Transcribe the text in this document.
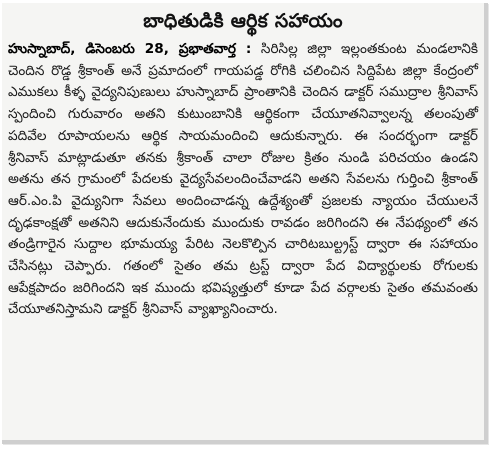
బాధితుడికి ఆర్థిక సహాయం
హుస్నాబాద్, డిసెంబరు 28, ప్రభాతవార్త : సిరిసిల్ల జిల్లా ఇల్లంతకుంట మండలానికి చెందిన రొడ్డ శ్రీకాంత్ అనే ప్రమాదంలో గాయపడ్డ రోగికి చలించిన సిద్దిపేట జిల్లా కేంద్రంలో ఎముకలు కీళ్ళ వైద్యనిపుణులు హుస్నాబాద్ ప్రాంతానికి చెందిన డాక్టర్ సముద్రాల శ్రీనివాస్ స్పందించి గురువారం అతని కుటుంబానికి ఆర్థికంగా చేయూతనివ్వాలన్న తలంపుతో పదివేల రూపాయలను ఆర్థిక సాయమందించి ఆదుకున్నారు. ఈ సందర్భంగా డాక్టర్ శ్రీనివాస్ మాట్లాడుతూ తనకు శ్రీకాంత్ చాలా రోజుల క్రితం నుండి పరిచయం ఉండని అతను తన గ్రామంలో పేదలకు వైద్యసేవలందించేవాడని అతని సేవలను గుర్తించి శ్రీకాంత్ ఆర్.ఎం.పి వైద్యునిగా సేవలు అందించాడన్న ఉద్దేశ్యంతో ప్రజలకు న్యాయం చేయులనే దృఢకాంక్షతో అతనిని ఆదుకునేందుకు ముందుకు రావడం జరిగిందని ఈ నేపథ్యంలో తన తండ్రిగారైన సుద్దాల భూమయ్య పేరిట నెలకొల్పిన చారిటబుల్ట్రస్ట్ ద్వారా ఈ సహాయం చేసినట్లు చెప్పారు. గతంలో సైతం తమ ట్రస్ట్ ద్వారా పేద విద్యార్థులకు రోగులకు ఆపేక్షపాదం జరిగిందని ఇక ముందు భవిష్యత్తులో కూడా పేద వర్గాలకు సైతం తమవంతు చేయూతనిస్తామని డాక్టర్ శ్రీనివాస్ వ్యాఖ్యానించారు.
